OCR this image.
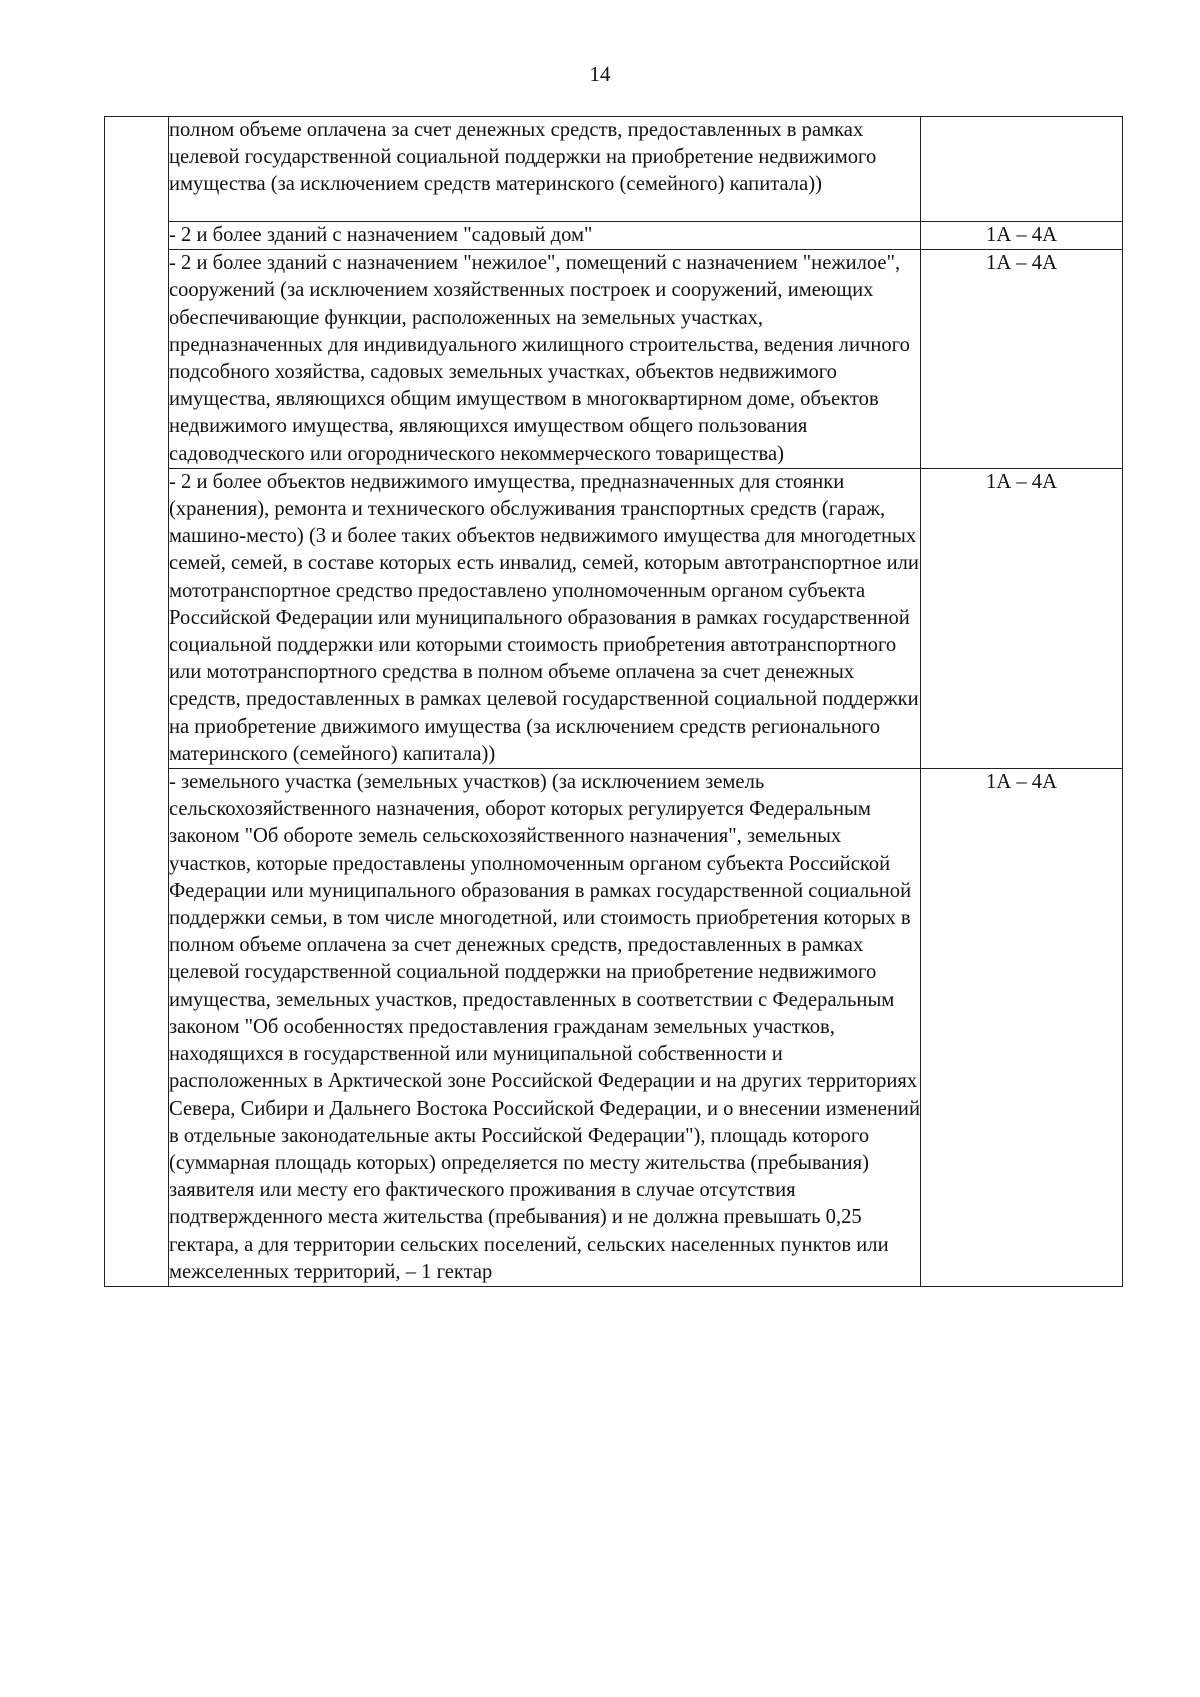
14
	полном объеме оплачена за счет денежных средств, предоставленных в рамках целевой государственной социальной поддержки на приобретение недвижимого имущества (за исключением средств материнского (семейного) капитала))	
	- 2 и более зданий с назначением "садовый дом"	1А – 4А
	- 2 и более зданий с назначением "нежилое", помещений с назначением "нежилое", сооружений (за исключением хозяйственных построек и сооружений, имеющих обеспечивающие функции, расположенных на земельных участках, предназначенных для индивидуального жилищного строительства, ведения личного подсобного хозяйства, садовых земельных участках, объектов недвижимого имущества, являющихся общим имуществом в многоквартирном доме, объектов недвижимого имущества, являющихся имуществом общего пользования садоводческого или огороднического некоммерческого товарищества)	1А – 4А
	- 2 и более объектов недвижимого имущества, предназначенных для стоянки (хранения), ремонта и технического обслуживания транспортных средств (гараж, машино-место) (3 и более таких объектов недвижимого имущества для многодетных семей, семей, в составе которых есть инвалид, семей, которым автотранспортное или мототранспортное средство предоставлено уполномоченным органом субъекта Российской Федерации или муниципального образования в рамках государственной социальной поддержки или которыми стоимость приобретения автотранспортного или мототранспортного средства в полном объеме оплачена за счет денежных средств, предоставленных в рамках целевой государственной социальной поддержки на приобретение движимого имущества (за исключением средств регионального материнского (семейного) капитала))	1А – 4А
	- земельного участка (земельных участков) (за исключением земель сельскохозяйственного назначения, оборот которых регулируется Федеральным законом "Об обороте земель сельскохозяйственного назначения", земельных участков, которые предоставлены уполномоченным органом субъекта Российской Федерации или муниципального образования в рамках государственной социальной поддержки семьи, в том числе многодетной, или стоимость приобретения которых в полном объеме оплачена за счет денежных средств, предоставленных в рамках целевой государственной социальной поддержки на приобретение недвижимого имущества, земельных участков, предоставленных в соответствии с Федеральным законом "Об особенностях предоставления гражданам земельных участков, находящихся в государственной или муниципальной собственности и расположенных в Арктической зоне Российской Федерации и на других территориях Севера, Сибири и Дальнего Востока Российской Федерации, и о внесении изменений в отдельные законодательные акты Российской Федерации"), площадь которого (суммарная площадь которых) определяется по месту жительства (пребывания) заявителя или месту его фактического проживания в случае отсутствия подтвержденного места жительства (пребывания) и не должна превышать 0,25 гектара, а для территории сельских поселений, сельских населенных пунктов или межселенных территорий, – 1 гектар	1А – 4А
